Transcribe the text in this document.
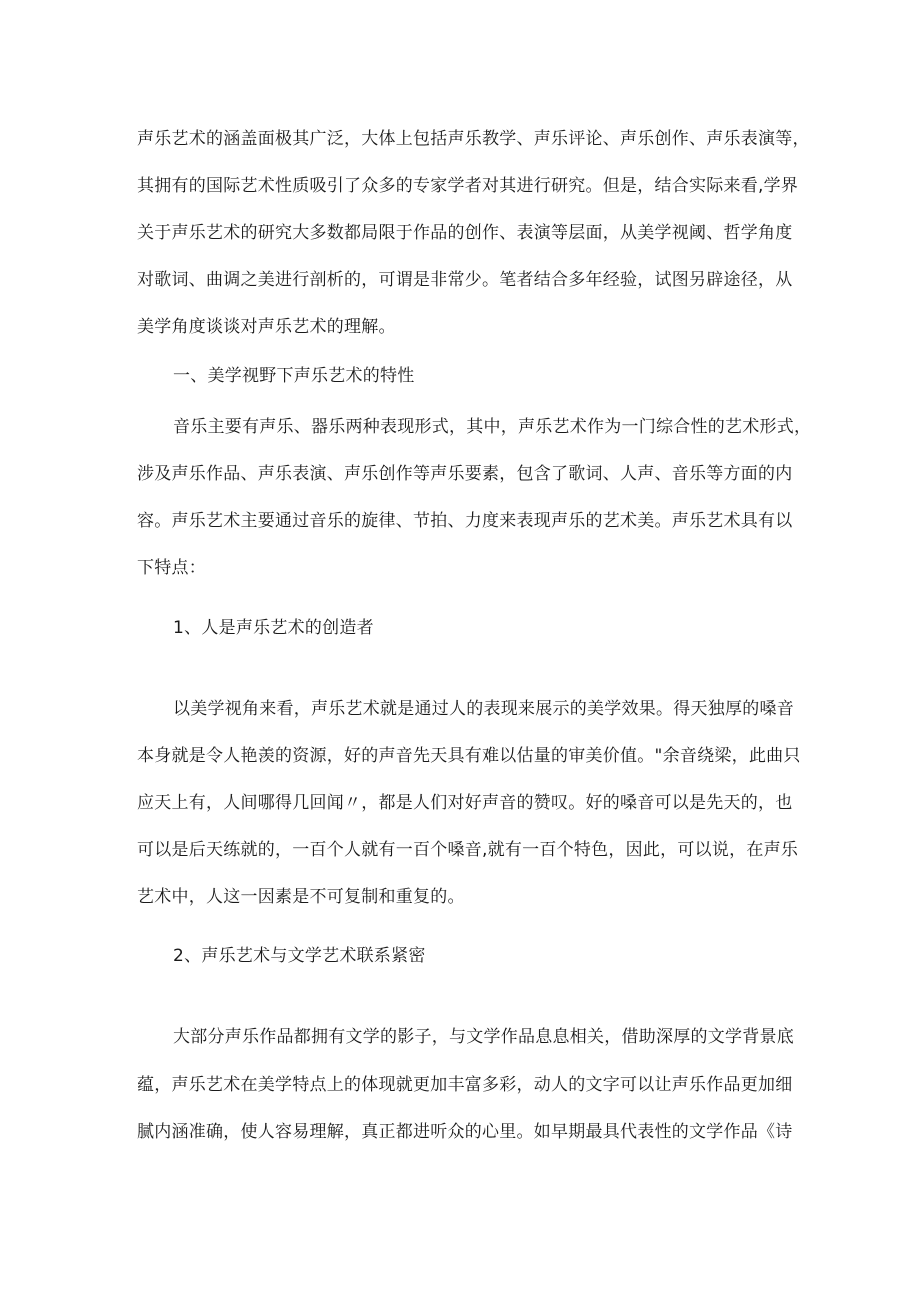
声乐艺术的涵盖面极其广泛，大体上包括声乐教学、声乐评论、声乐创作、声乐表演等，
其拥有的国际艺术性质吸引了众多的专家学者对其进行研究。但是，结合实际来看,学界
关于声乐艺术的研究大多数都局限于作品的创作、表演等层面，从美学视阈、哲学角度
对歌词、曲调之美进行剖析的，可谓是非常少。笔者结合多年经验，试图另辟途径，从
美学角度谈谈对声乐艺术的理解。
一、美学视野下声乐艺术的特性
音乐主要有声乐、器乐两种表现形式，其中，声乐艺术作为一门综合性的艺术形式，
涉及声乐作品、声乐表演、声乐创作等声乐要素，包含了歌词、人声、音乐等方面的内
容。声乐艺术主要通过音乐的旋律、节拍、力度来表现声乐的艺术美。声乐艺术具有以
下特点：
1、人是声乐艺术的创造者
以美学视角来看，声乐艺术就是通过人的表现来展示的美学效果。得天独厚的嗓音
本身就是令人艳羡的资源，好的声音先天具有难以估量的审美价值。"余音绕梁，此曲只
应天上有，人间哪得几回闻〃，都是人们对好声音的赞叹。好的嗓音可以是先天的，也
可以是后天练就的，一百个人就有一百个嗓音,就有一百个特色，因此，可以说，在声乐
艺术中，人这一因素是不可复制和重复的。
2、声乐艺术与文学艺术联系紧密
大部分声乐作品都拥有文学的影子，与文学作品息息相关，借助深厚的文学背景底
蕴，声乐艺术在美学特点上的体现就更加丰富多彩，动人的文字可以让声乐作品更加细
腻内涵准确，使人容易理解，真正都进听众的心里。如早期最具代表性的文学作品《诗
